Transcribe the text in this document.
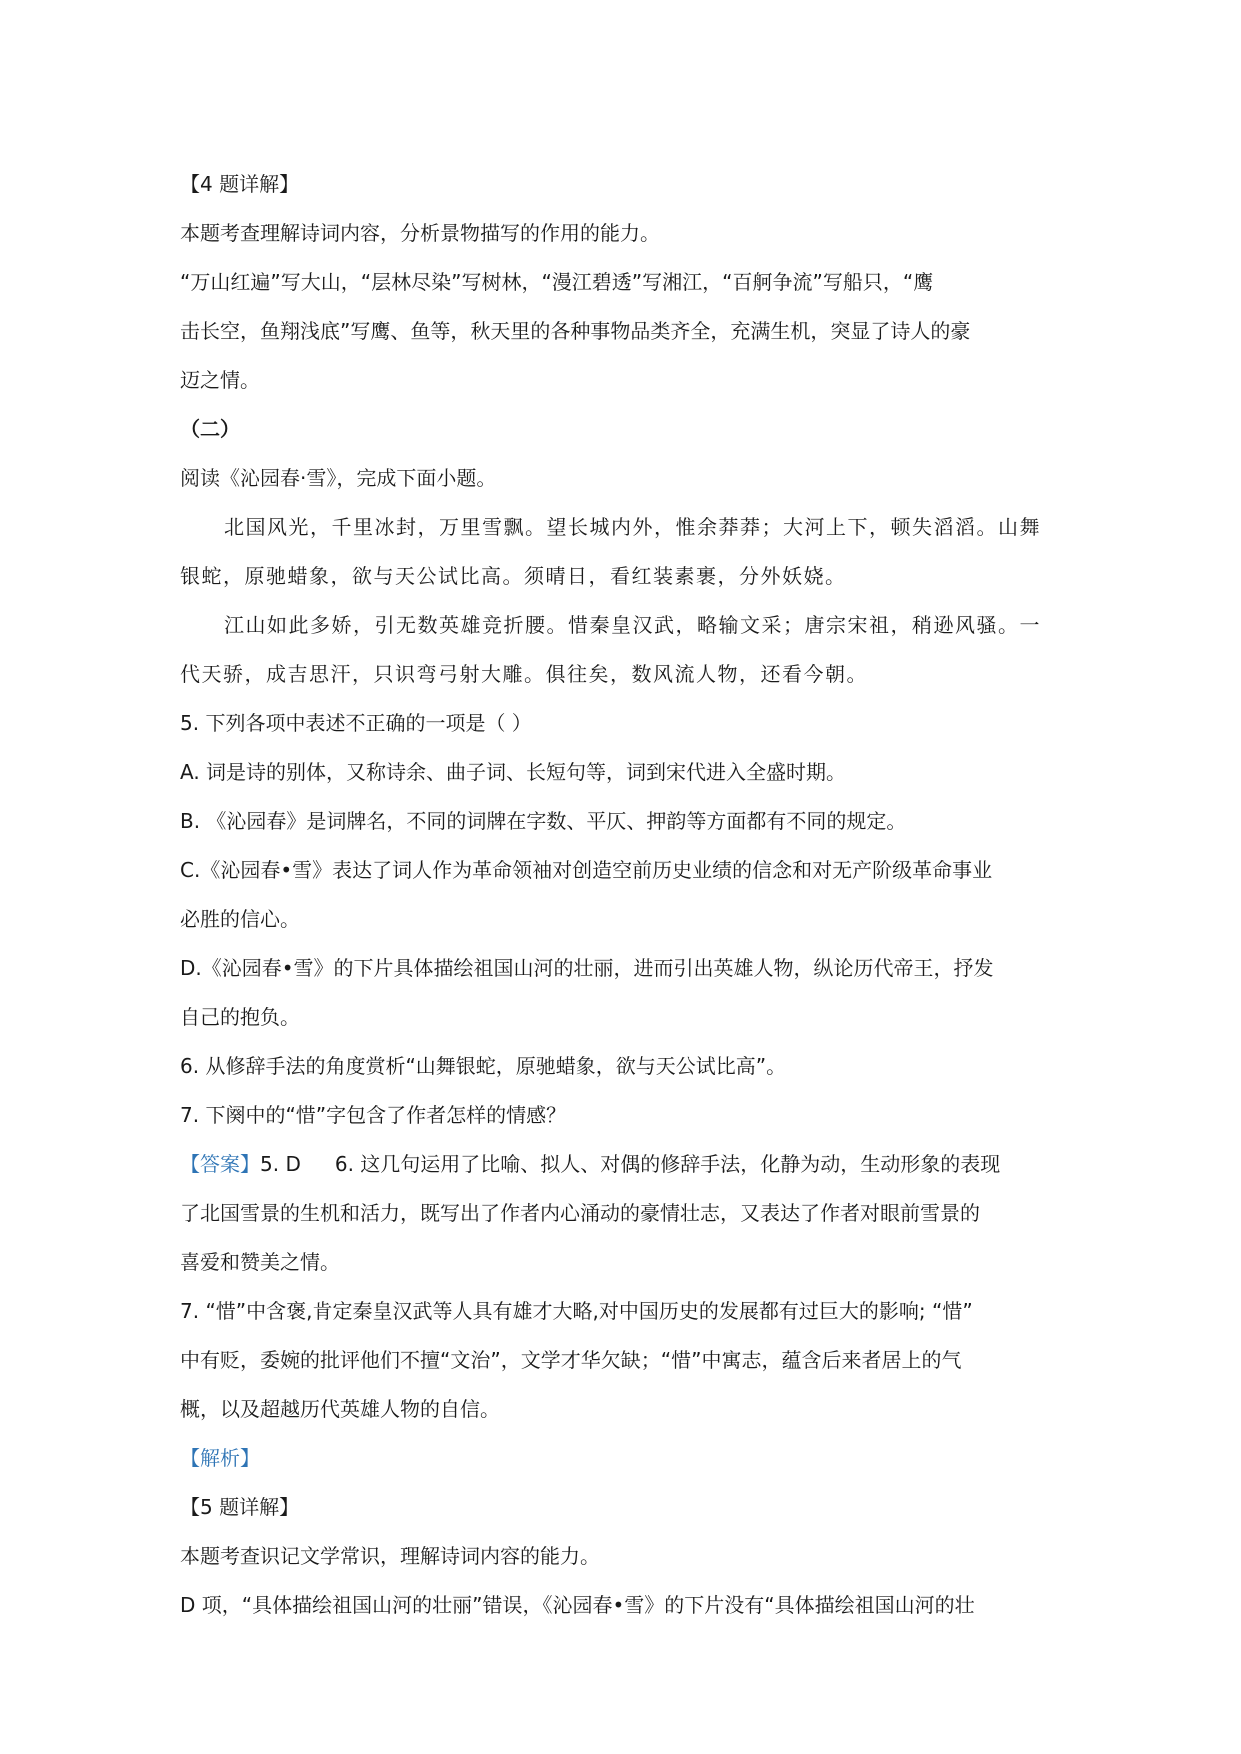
【4 题详解】
本题考查理解诗词内容，分析景物描写的作用的能力。
“万山红遍”写大山，“层林尽染”写树林，“漫江碧透”写湘江，“百舸争流”写船只，“鹰
击长空，鱼翔浅底”写鹰、鱼等，秋天里的各种事物品类齐全，充满生机，突显了诗人的豪
迈之情。
（二）
阅读《沁园春·雪》，完成下面小题。
北国风光，千里冰封，万里雪飘。望长城内外，惟余莽莽；大河上下，顿失滔滔。山舞
银蛇，原驰蜡象，欲与天公试比高。须晴日，看红装素裹，分外妖娆。
江山如此多娇，引无数英雄竞折腰。惜秦皇汉武，略输文采；唐宗宋祖，稍逊风骚。一
代天骄，成吉思汗，只识弯弓射大雕。俱往矣，数风流人物，还看今朝。
5. 下列各项中表述不正确的一项是（ ）
A. 词是诗的别体，又称诗余、曲子词、长短句等，词到宋代进入全盛时期。
B. 《沁园春》是词牌名，不同的词牌在字数、平仄、押韵等方面都有不同的规定。
C.《沁园春•雪》表达了词人作为革命领袖对创造空前历史业绩的信念和对无产阶级革命事业
必胜的信心。
D.《沁园春•雪》的下片具体描绘祖国山河的壮丽，进而引出英雄人物，纵论历代帝王，抒发
自己的抱负。
6. 从修辞手法的角度赏析“山舞银蛇，原驰蜡象，欲与天公试比高”。
7. 下阕中的“惜”字包含了作者怎样的情感？
【答案】5. D 6. 这几句运用了比喻、拟人、对偶的修辞手法，化静为动，生动形象的表现
了北国雪景的生机和活力，既写出了作者内心涌动的豪情壮志，又表达了作者对眼前雪景的
喜爱和赞美之情。
7. “惜”中含褒,肯定秦皇汉武等人具有雄才大略,对中国历史的发展都有过巨大的影响; “惜”
中有贬，委婉的批评他们不擅“文治”，文学才华欠缺；“惜”中寓志，蕴含后来者居上的气
概，以及超越历代英雄人物的自信。
【解析】
【5 题详解】
本题考查识记文学常识，理解诗词内容的能力。
D 项，“具体描绘祖国山河的壮丽”错误，《沁园春•雪》的下片没有“具体描绘祖国山河的壮
